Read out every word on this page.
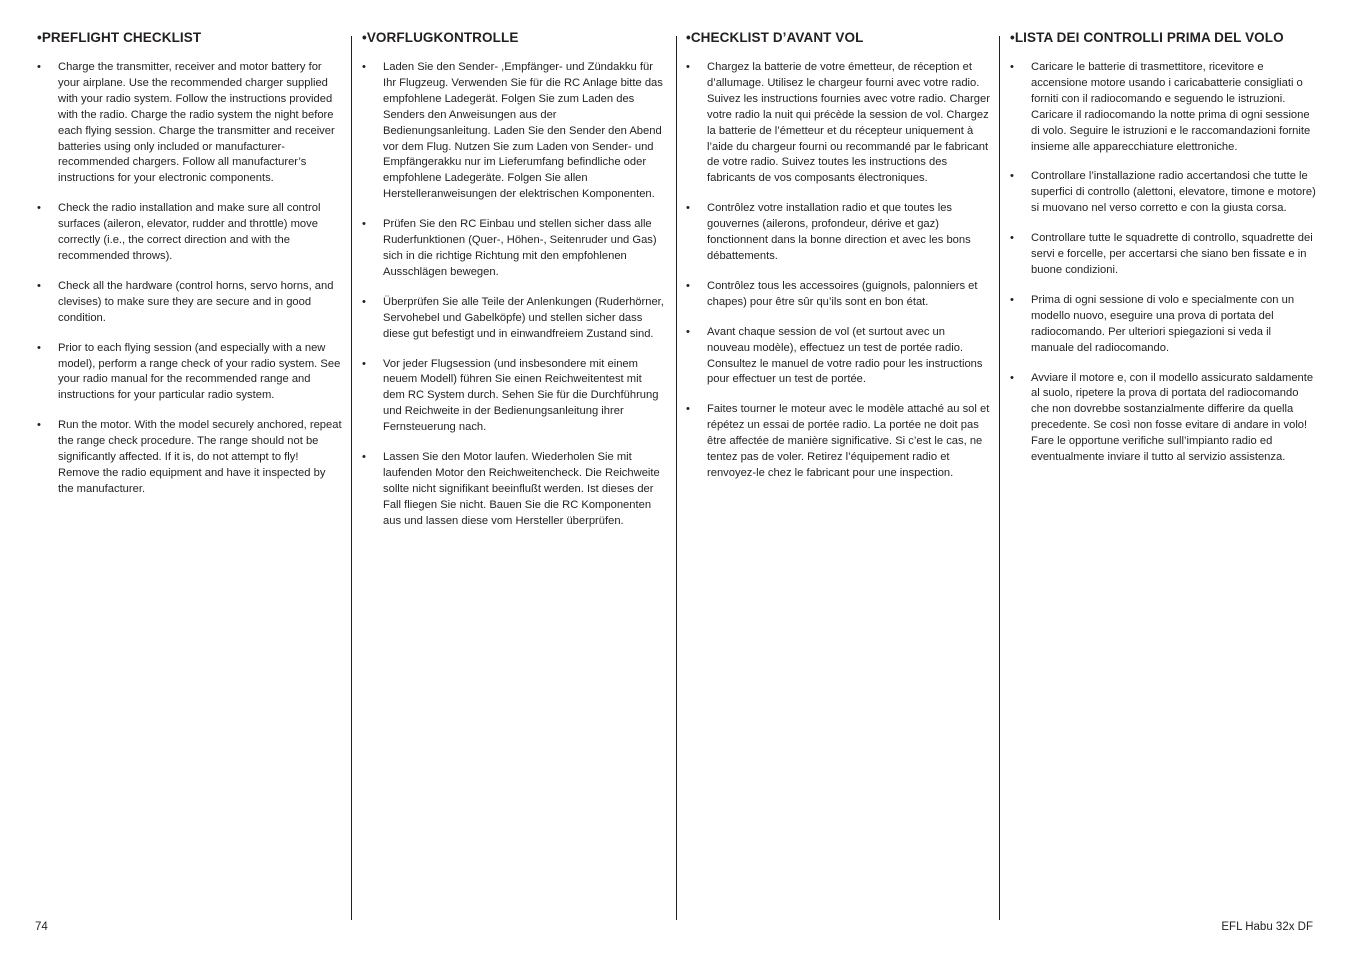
•PREFLIGHT CHECKLIST
• Charge the transmitter, receiver and motor battery for your airplane. Use the recommended charger supplied with your radio system. Follow the instructions provided with the radio. Charge the radio system the night before each flying session. Charge the transmitter and receiver batteries using only included or manufacturer-recommended chargers. Follow all manufacturer’s instructions for your electronic components.
• Check the radio installation and make sure all control surfaces (aileron, elevator, rudder and throttle) move correctly (i.e., the correct direction and with the recommended throws).
• Check all the hardware (control horns, servo horns, and clevises) to make sure they are secure and in good condition.
• Prior to each flying session (and especially with a new model), perform a range check of your radio system. See your radio manual for the recommended range and instructions for your particular radio system.
• Run the motor. With the model securely anchored, repeat the range check procedure. The range should not be significantly affected. If it is, do not attempt to fly! Remove the radio equipment and have it inspected by the manufacturer.
•VORFLUGKONTROLLE
• Laden Sie den Sender- ,Empfänger- und Zündakku für Ihr Flugzeug. Verwenden Sie für die RC Anlage bitte das empfohlene Ladegerät. Folgen Sie zum Laden des Senders den Anweisungen aus der Bedienungsanleitung. Laden Sie den Sender den Abend vor dem Flug. Nutzen Sie zum Laden von Sender- und Empfängerakku nur im Lieferumfang befindliche oder empfohlene Ladegeräte. Folgen Sie allen Herstelleranweisungen der elektrischen Komponenten.
• Prüfen Sie den RC Einbau und stellen sicher dass alle Ruderfunktionen (Quer-, Höhen-, Seitenruder und Gas) sich in die richtige Richtung mit den empfohlenen Ausschlägen bewegen.
• Überprüfen Sie alle Teile der Anlenkungen (Ruderhörner, Servohebel und Gabelköpfe) und stellen sicher dass diese gut befestigt und in einwandfreiem Zustand sind.
• Vor jeder Flugsession (und insbesondere mit einem neuem Modell) führen Sie einen Reichweitentest mit dem RC System durch. Sehen Sie für die Durchführung und Reichweite in der Bedienungsanleitung ihrer Fernsteuerung nach.
• Lassen Sie den Motor laufen. Wiederholen Sie mit laufenden Motor den Reichweitencheck. Die Reichweite sollte nicht signifikant beeinflußt werden. Ist dieses der Fall fliegen Sie nicht. Bauen Sie die RC Komponenten aus und lassen diese vom Hersteller überprüfen.
•CHECKLIST D’AVANT VOL
• Chargez la batterie de votre émetteur, de réception et d’allumage. Utilisez le chargeur fourni avec votre radio. Suivez les instructions fournies avec votre radio. Charger votre radio la nuit qui précède la session de vol. Chargez la batterie de l’émetteur et du récepteur uniquement à l’aide du chargeur fourni ou recommandé par le fabricant de votre radio. Suivez toutes les instructions des fabricants de vos composants électroniques.
• Contrôlez votre installation radio et que toutes les gouvernes (ailerons, profondeur, dérive et gaz) fonctionnent dans la bonne direction et avec les bons débattements.
• Contrôlez tous les accessoires (guignols, palonniers et chapes) pour être sûr qu’ils sont en bon état.
• Avant chaque session de vol (et surtout avec un nouveau modèle), effectuez un test de portée radio. Consultez le manuel de votre radio pour les instructions pour effectuer un test de portée.
• Faites tourner le moteur avec le modèle attaché au sol et répétez un essai de portée radio. La portée ne doit pas être affectée de manière significative. Si c’est le cas, ne tentez pas de voler. Retirez l’équipement radio et renvoyez-le chez le fabricant pour une inspection.
•LISTA DEI CONTROLLI PRIMA DEL VOLO
• Caricare le batterie di trasmettitore, ricevitore e accensione motore usando i caricabatterie consigliati o forniti con il radiocomando e seguendo le istruzioni. Caricare il radiocomando la notte prima di ogni sessione di volo. Seguire le istruzioni e le raccomandazioni fornite insieme alle apparecchiature elettroniche.
• Controllare l’installazione radio accertandosi che tutte le superfici di controllo (alettoni, elevatore, timone e motore) si muovano nel verso corretto e con la giusta corsa.
• Controllare tutte le squadrette di controllo, squadrette dei servi e forcelle, per accertarsi che siano ben fissate e in buone condizioni.
• Prima di ogni sessione di volo e specialmente con un modello nuovo, eseguire una prova di portata del radiocomando. Per ulteriori spiegazioni si veda il manuale del radiocomando.
• Avviare il motore e, con il modello assicurato saldamente al suolo, ripetere la prova di portata del radiocomando che non dovrebbe sostanzialmente differire da quella precedente. Se così non fosse evitare di andare in volo! Fare le opportune verifiche sull’impianto radio ed eventualmente inviare il tutto al servizio assistenza.
74	EFL Habu 32x DF
